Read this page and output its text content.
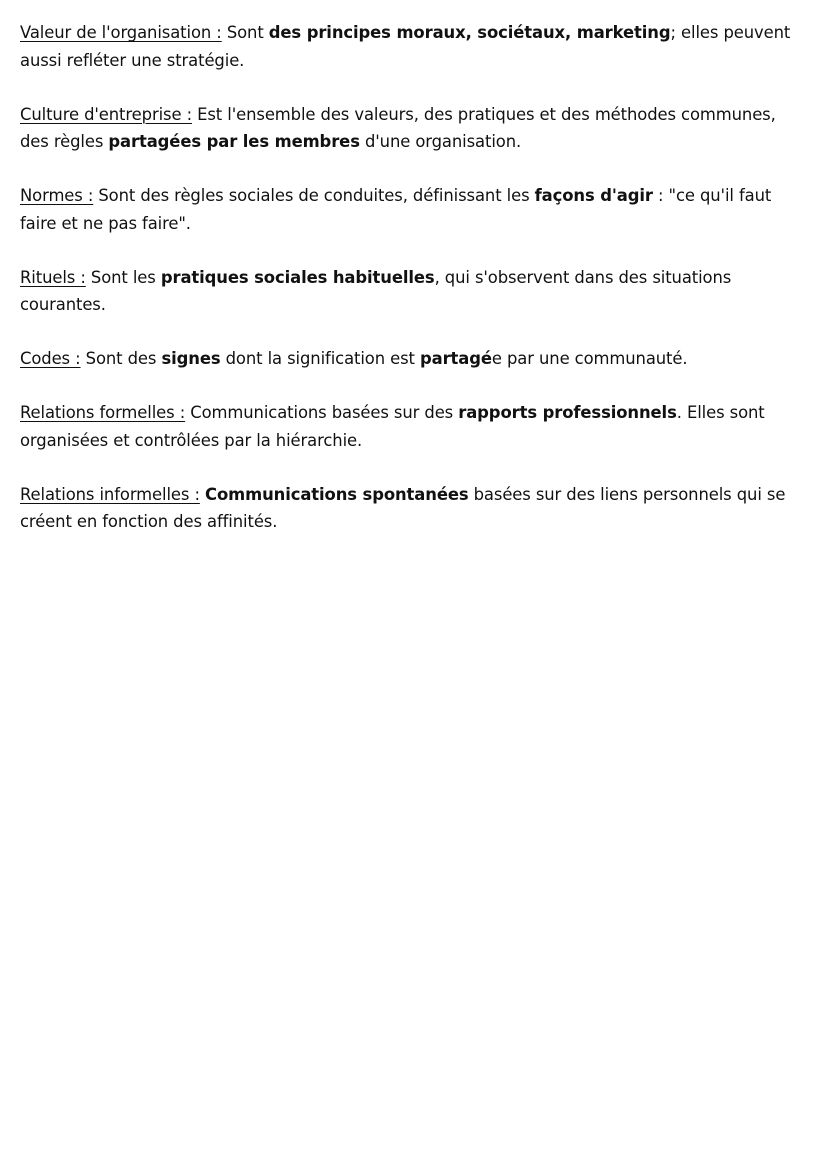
Valeur de l'organisation : Sont des principes moraux, sociétaux, marketing; elles peuvent aussi refléter une stratégie.

Culture d'entreprise : Est l'ensemble des valeurs, des pratiques et des méthodes communes, des règles partagées par les membres d'une organisation.

Normes : Sont des règles sociales de conduites, définissant les façons d'agir : "ce qu'il faut faire et ne pas faire".

Rituels : Sont les pratiques sociales habituelles, qui s'observent dans des situations courantes.

Codes : Sont des signes dont la signification est partagée par une communauté.

Relations formelles : Communications basées sur des rapports professionnels. Elles sont organisées et contrôlées par la hiérarchie.

Relations informelles : Communications spontanées basées sur des liens personnels qui se créent en fonction des affinités.
